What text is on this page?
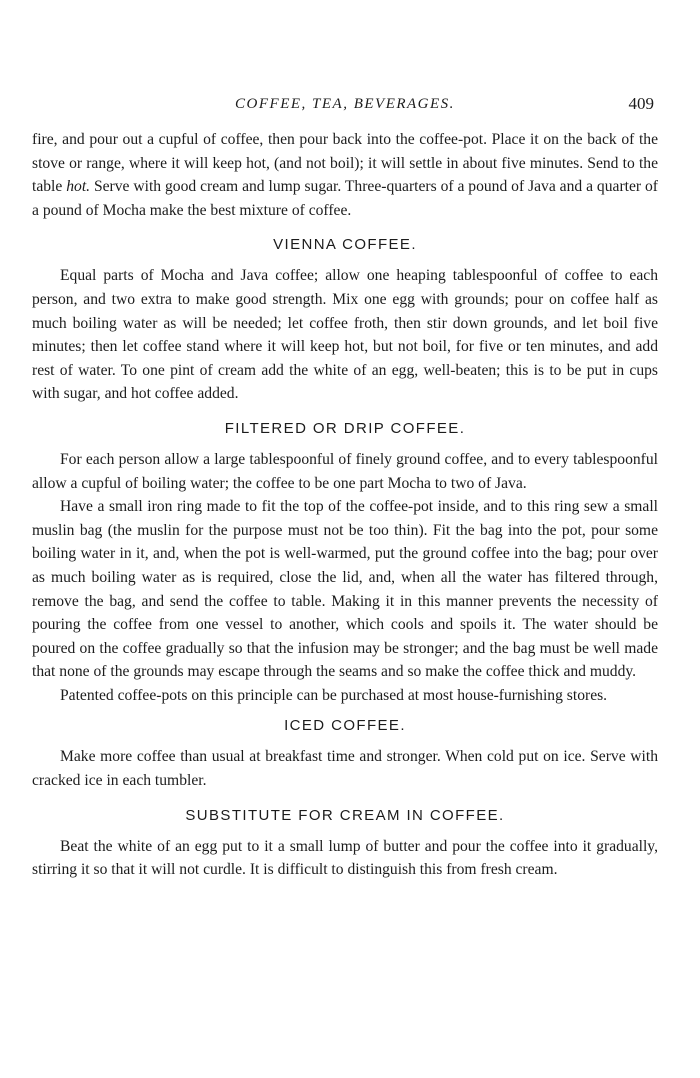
COFFEE, TEA, BEVERAGES.	409

fire, and pour out a cupful of coffee, then pour back into the coffee-pot. Place it on the back of the stove or range, where it will keep hot, (and not boil); it will settle in about five minutes. Send to the table hot. Serve with good cream and lump sugar. Three-quarters of a pound of Java and a quarter of a pound of Mocha make the best mixture of coffee.

VIENNA COFFEE.

Equal parts of Mocha and Java coffee; allow one heaping tablespoonful of coffee to each person, and two extra to make good strength. Mix one egg with grounds; pour on coffee half as much boiling water as will be needed; let coffee froth, then stir down grounds, and let boil five minutes; then let coffee stand where it will keep hot, but not boil, for five or ten minutes, and add rest of water. To one pint of cream add the white of an egg, well-beaten; this is to be put in cups with sugar, and hot coffee added.

FILTERED OR DRIP COFFEE.

For each person allow a large tablespoonful of finely ground coffee, and to every tablespoonful allow a cupful of boiling water; the coffee to be one part Mocha to two of Java.

Have a small iron ring made to fit the top of the coffee-pot inside, and to this ring sew a small muslin bag (the muslin for the purpose must not be too thin). Fit the bag into the pot, pour some boiling water in it, and, when the pot is well-warmed, put the ground coffee into the bag; pour over as much boiling water as is required, close the lid, and, when all the water has filtered through, remove the bag, and send the coffee to table. Making it in this manner prevents the necessity of pouring the coffee from one vessel to another, which cools and spoils it. The water should be poured on the coffee gradually so that the infusion may be stronger; and the bag must be well made that none of the grounds may escape through the seams and so make the coffee thick and muddy.

Patented coffee-pots on this principle can be purchased at most house-furnishing stores.

ICED COFFEE.

Make more coffee than usual at breakfast time and stronger. When cold put on ice. Serve with cracked ice in each tumbler.

SUBSTITUTE FOR CREAM IN COFFEE.

Beat the white of an egg put to it a small lump of butter and pour the coffee into it gradually, stirring it so that it will not curdle. It is difficult to distinguish this from fresh cream.
